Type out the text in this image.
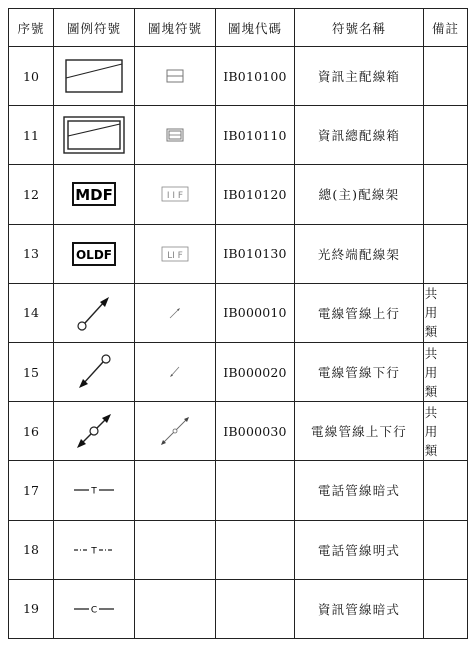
序號	圖例符號	圖塊符號	圖塊代碼	符號名稱	備註
10			IB010100	資訊主配線箱	

11			IB010110	資訊總配線箱	

12	MDF	I I F	IB010120	總(主)配線架	

13	OLDF	LI F	IB010130	光終端配線架	

14			IB000010	電線管線上行	共用類

15			IB000020	電線管線下行	共用類

16			IB000030	電線管線上下行	共用類

17	T			電話管線暗式	

18	T			電話管線明式	

19	C			資訊管線暗式	
